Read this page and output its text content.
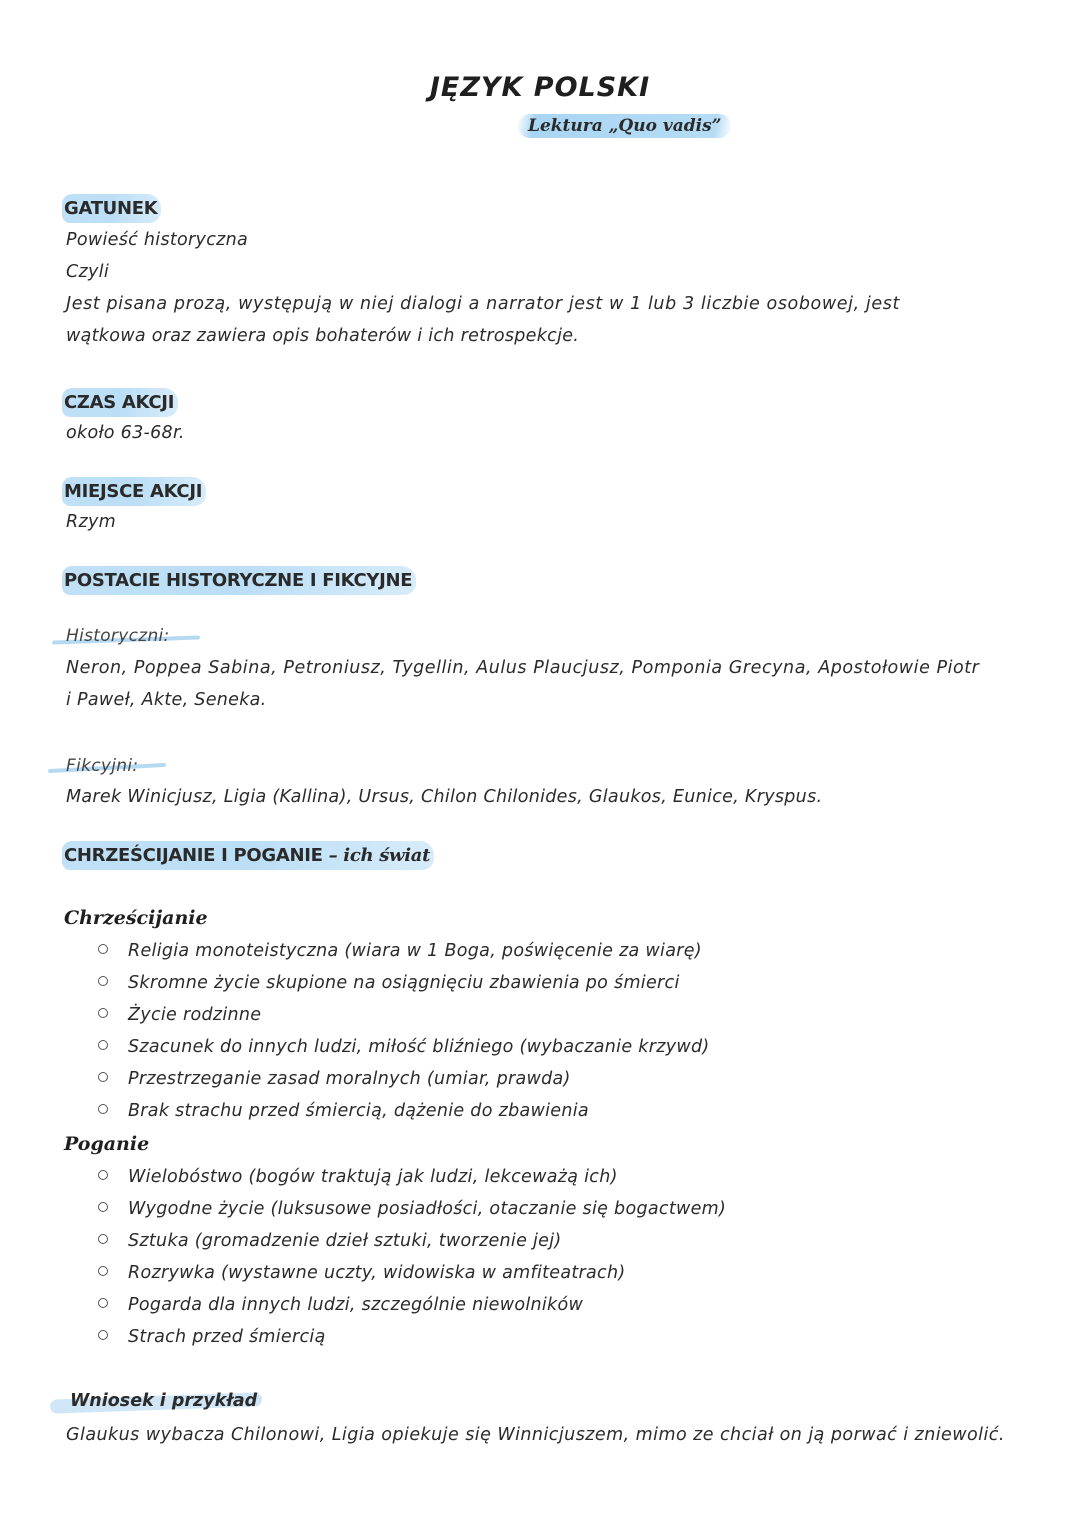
JĘZYK POLSKI
Lektura „Quo vadis”
GATUNEK
Powieść historyczna
Czyli
Jest pisana prozą, występują w niej dialogi a narrator jest w 1 lub 3 liczbie osobowej, jest
wątkowa oraz zawiera opis bohaterów i ich retrospekcje.
CZAS AKCJI
około 63-68r.
MIEJSCE AKCJI
Rzym
POSTACIE HISTORYCZNE I FIKCYJNE
Historyczni:
Neron, Poppea Sabina, Petroniusz, Tygellin, Aulus Plaucjusz, Pomponia Grecyna, Apostołowie Piotr
i Paweł, Akte, Seneka.
Fikcyjni:
Marek Winicjusz, Ligia (Kallina), Ursus, Chilon Chilonides, Glaukos, Eunice, Kryspus.
CHRZEŚCIJANIE I POGANIE – ich świat
Chrześcijanie
Religia monoteistyczna (wiara w 1 Boga, poświęcenie za wiarę)
Skromne życie skupione na osiągnięciu zbawienia po śmierci
Życie rodzinne
Szacunek do innych ludzi, miłość bliźniego (wybaczanie krzywd)
Przestrzeganie zasad moralnych (umiar, prawda)
Brak strachu przed śmiercią, dążenie do zbawienia
Poganie
Wielobóstwo (bogów traktują jak ludzi, lekceważą ich)
Wygodne życie (luksusowe posiadłości, otaczanie się bogactwem)
Sztuka (gromadzenie dzieł sztuki, tworzenie jej)
Rozrywka (wystawne uczty, widowiska w amfiteatrach)
Pogarda dla innych ludzi, szczególnie niewolników
Strach przed śmiercią
Wniosek i przykład
Glaukus wybacza Chilonowi, Ligia opiekuje się Winnicjuszem, mimo ze chciał on ją porwać i zniewolić.
